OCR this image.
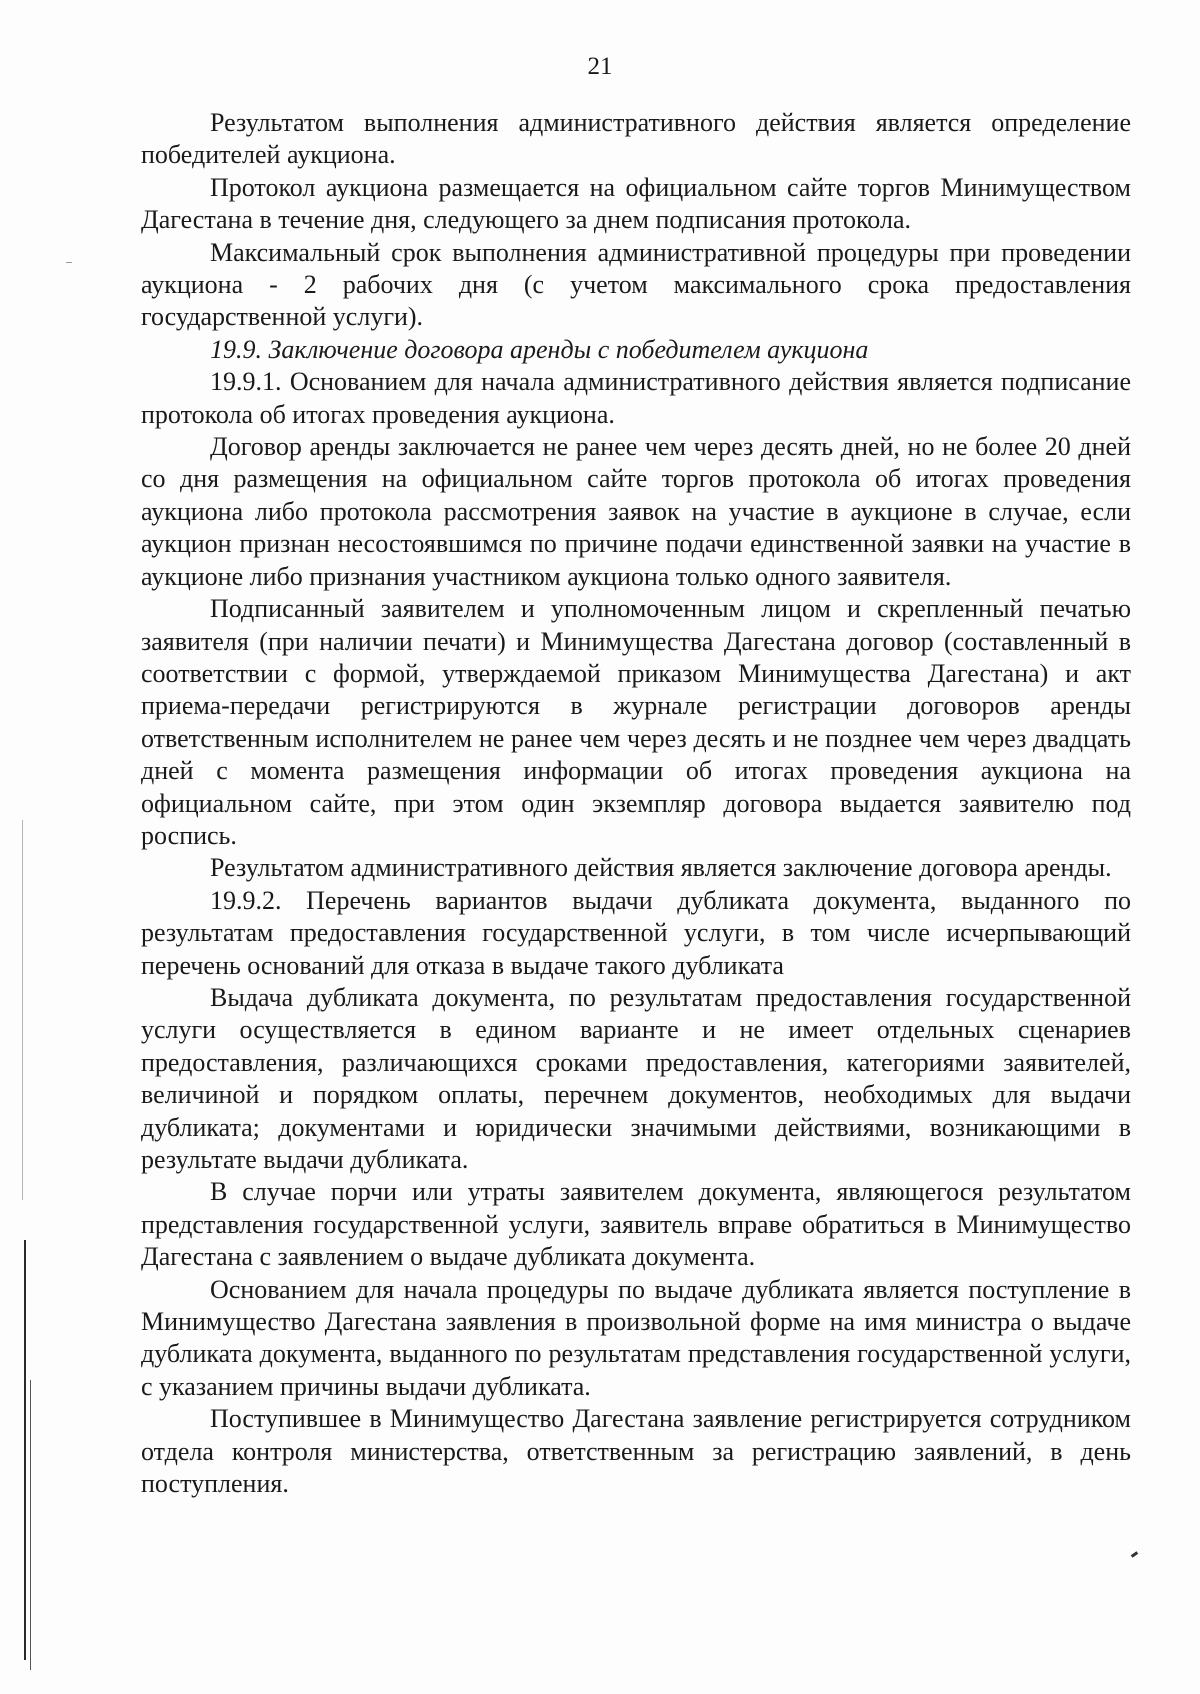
21

Результатом выполнения административного действия является определение победителей аукциона.

Протокол аукциона размещается на официальном сайте торгов Минимуществом Дагестана в течение дня, следующего за днем подписания протокола.

Максимальный срок выполнения административной процедуры при проведении аукциона - 2 рабочих дня (с учетом максимального срока предоставления государственной услуги).

19.9. Заключение договора аренды с победителем аукциона

19.9.1. Основанием для начала административного действия является подписание протокола об итогах проведения аукциона.

Договор аренды заключается не ранее чем через десять дней, но не более 20 дней со дня размещения на официальном сайте торгов протокола об итогах проведения аукциона либо протокола рассмотрения заявок на участие в аукционе в случае, если аукцион признан несостоявшимся по причине подачи единственной заявки на участие в аукционе либо признания участником аукциона только одного заявителя.

Подписанный заявителем и уполномоченным лицом и скрепленный печатью заявителя (при наличии печати) и Минимущества Дагестана договор (составленный в соответствии с формой, утверждаемой приказом Минимущества Дагестана) и акт приема-передачи регистрируются в журнале регистрации договоров аренды ответственным исполнителем не ранее чем через десять и не позднее чем через двадцать дней с момента размещения информации об итогах проведения аукциона на официальном сайте, при этом один экземпляр договора выдается заявителю под роспись.

Результатом административного действия является заключение договора аренды.

19.9.2. Перечень вариантов выдачи дубликата документа, выданного по результатам предоставления государственной услуги, в том числе исчерпывающий перечень оснований для отказа в выдаче такого дубликата

Выдача дубликата документа, по результатам предоставления государственной услуги осуществляется в едином варианте и не имеет отдельных сценариев предоставления, различающихся сроками предоставления, категориями заявителей, величиной и порядком оплаты, перечнем документов, необходимых для выдачи дубликата; документами и юридически значимыми действиями, возникающими в результате выдачи дубликата.

В случае порчи или утраты заявителем документа, являющегося результатом представления государственной услуги, заявитель вправе обратиться в Минимущество Дагестана с заявлением о выдаче дубликата документа.

Основанием для начала процедуры по выдаче дубликата является поступление в Минимущество Дагестана заявления в произвольной форме на имя министра о выдаче дубликата документа, выданного по результатам представления государственной услуги, с указанием причины выдачи дубликата.

Поступившее в Минимущество Дагестана заявление регистрируется сотрудником отдела контроля министерства, ответственным за регистрацию заявлений, в день поступления.
